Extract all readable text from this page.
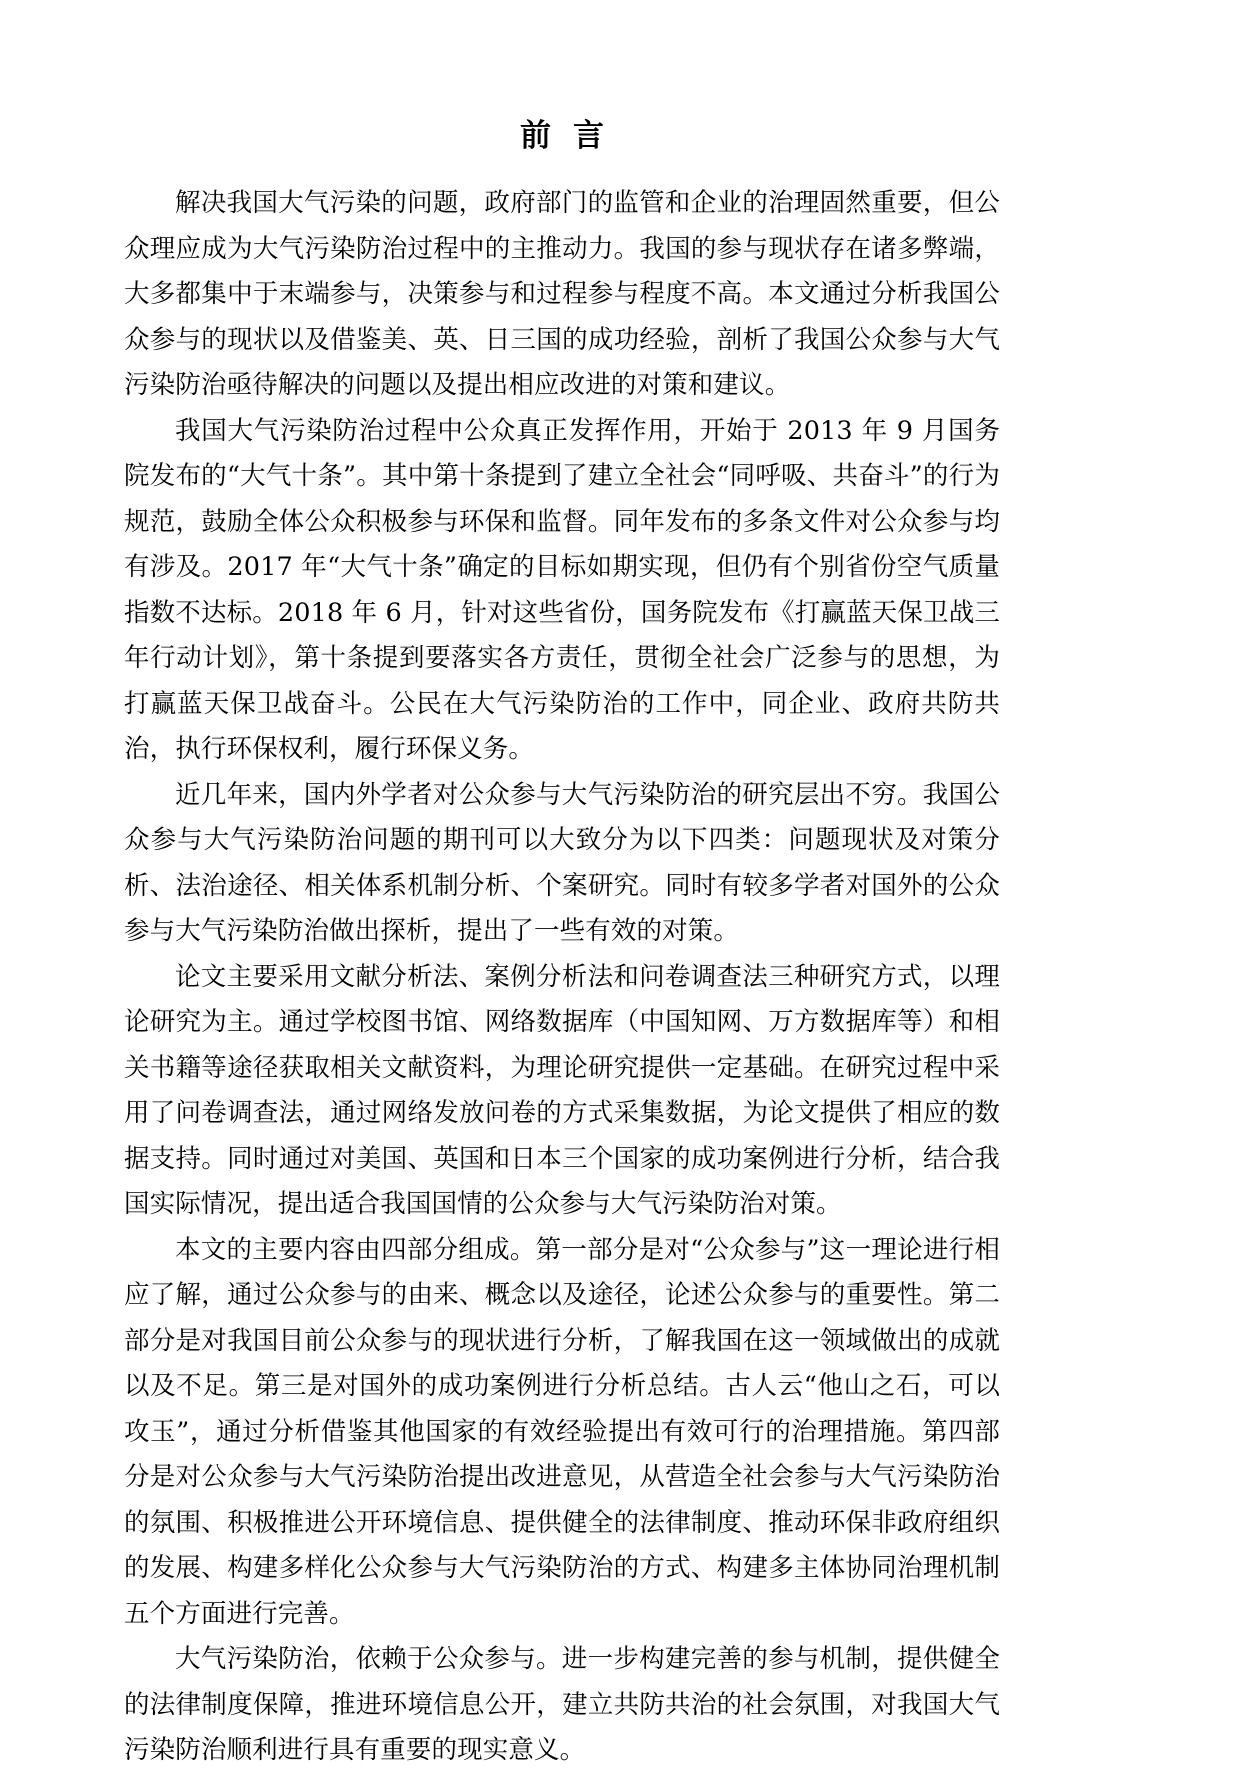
前 言

解决我国大气污染的问题，政府部门的监管和企业的治理固然重要，但公众理应成为大气污染防治过程中的主推动力。我国的参与现状存在诸多弊端，大多都集中于末端参与，决策参与和过程参与程度不高。本文通过分析我国公众参与的现状以及借鉴美、英、日三国的成功经验，剖析了我国公众参与大气污染防治亟待解决的问题以及提出相应改进的对策和建议。

我国大气污染防治过程中公众真正发挥作用，开始于 2013 年 9 月国务院发布的“大气十条”。其中第十条提到了建立全社会“同呼吸、共奋斗”的行为规范，鼓励全体公众积极参与环保和监督。同年发布的多条文件对公众参与均有涉及。2017 年“大气十条”确定的目标如期实现，但仍有个别省份空气质量指数不达标。2018 年 6 月，针对这些省份，国务院发布《打赢蓝天保卫战三年行动计划》，第十条提到要落实各方责任，贯彻全社会广泛参与的思想，为打赢蓝天保卫战奋斗。公民在大气污染防治的工作中，同企业、政府共防共治，执行环保权利，履行环保义务。

近几年来，国内外学者对公众参与大气污染防治的研究层出不穷。我国公众参与大气污染防治问题的期刊可以大致分为以下四类：问题现状及对策分析、法治途径、相关体系机制分析、个案研究。同时有较多学者对国外的公众参与大气污染防治做出探析，提出了一些有效的对策。

论文主要采用文献分析法、案例分析法和问卷调查法三种研究方式，以理论研究为主。通过学校图书馆、网络数据库（中国知网、万方数据库等）和相关书籍等途径获取相关文献资料，为理论研究提供一定基础。在研究过程中采用了问卷调查法，通过网络发放问卷的方式采集数据，为论文提供了相应的数据支持。同时通过对美国、英国和日本三个国家的成功案例进行分析，结合我国实际情况，提出适合我国国情的公众参与大气污染防治对策。

本文的主要内容由四部分组成。第一部分是对“公众参与”这一理论进行相应了解，通过公众参与的由来、概念以及途径，论述公众参与的重要性。第二部分是对我国目前公众参与的现状进行分析，了解我国在这一领域做出的成就以及不足。第三是对国外的成功案例进行分析总结。古人云“他山之石，可以攻玉”，通过分析借鉴其他国家的有效经验提出有效可行的治理措施。第四部分是对公众参与大气污染防治提出改进意见，从营造全社会参与大气污染防治的氛围、积极推进公开环境信息、提供健全的法律制度、推动环保非政府组织的发展、构建多样化公众参与大气污染防治的方式、构建多主体协同治理机制五个方面进行完善。

大气污染防治，依赖于公众参与。进一步构建完善的参与机制，提供健全的法律制度保障，推进环境信息公开，建立共防共治的社会氛围，对我国大气污染防治顺利进行具有重要的现实意义。
